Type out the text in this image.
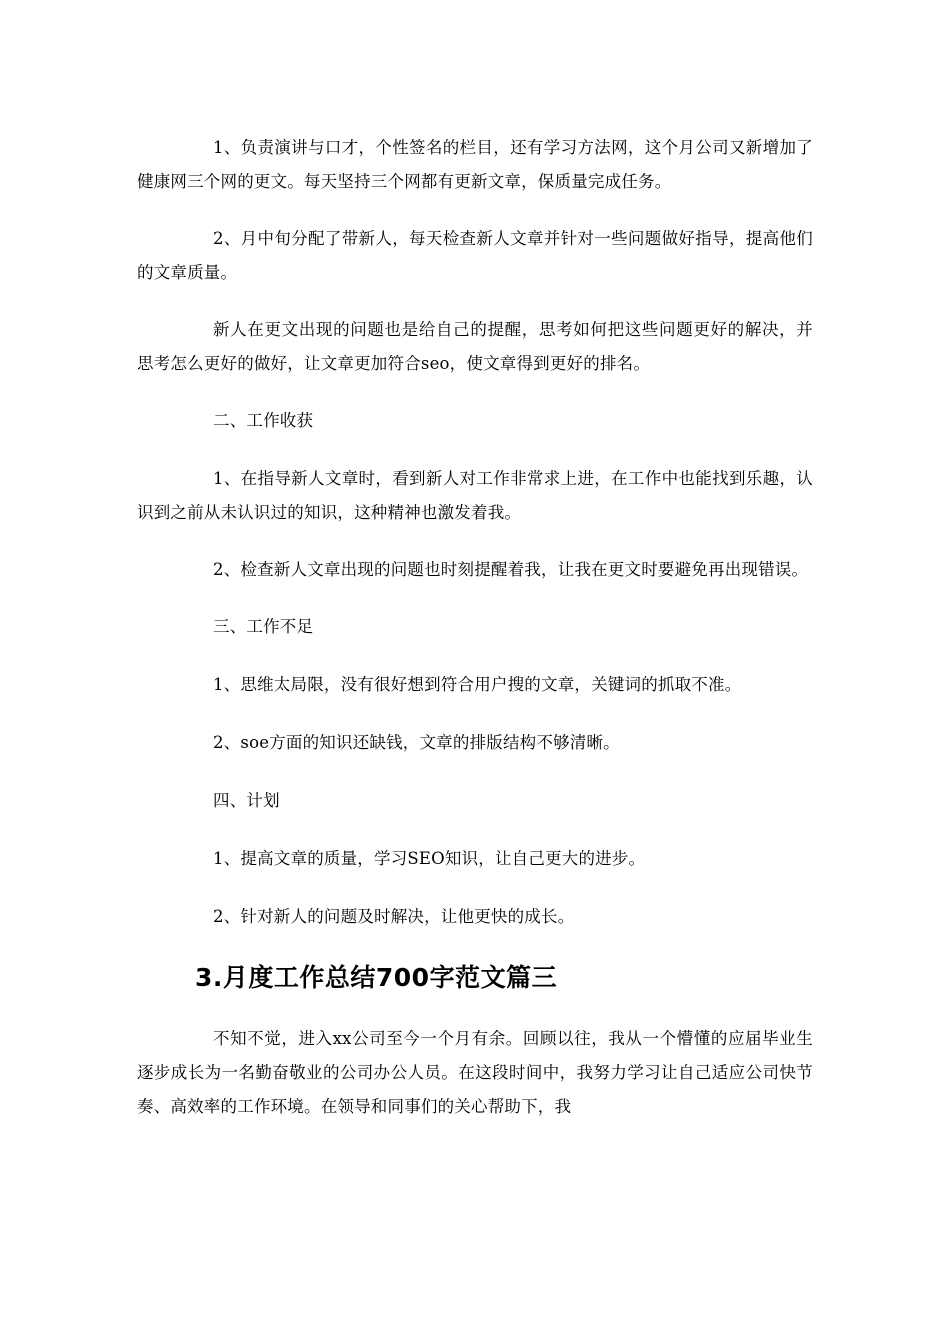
1、负责演讲与口才，个性签名的栏目，还有学习方法网，这个月公司又新增加了健康网三个网的更文。每天坚持三个网都有更新文章，保质量完成任务。

2、月中旬分配了带新人，每天检查新人文章并针对一些问题做好指导，提高他们的文章质量。

新人在更文出现的问题也是给自己的提醒，思考如何把这些问题更好的解决，并思考怎么更好的做好，让文章更加符合seo，使文章得到更好的排名。

二、工作收获

1、在指导新人文章时，看到新人对工作非常求上进，在工作中也能找到乐趣，认识到之前从未认识过的知识，这种精神也激发着我。

2、检查新人文章出现的问题也时刻提醒着我，让我在更文时要避免再出现错误。

三、工作不足

1、思维太局限，没有很好想到符合用户搜的文章，关键词的抓取不准。

2、soe方面的知识还缺钱，文章的排版结构不够清晰。

四、计划

1、提高文章的质量，学习SEO知识，让自己更大的进步。

2、针对新人的问题及时解决，让他更快的成长。

3.月度工作总结700字范文篇三

不知不觉，进入xx公司至今一个月有余。回顾以往，我从一个懵懂的应届毕业生逐步成长为一名勤奋敬业的公司办公人员。在这段时间中，我努力学习让自己适应公司快节奏、高效率的工作环境。在领导和同事们的关心帮助下，我
